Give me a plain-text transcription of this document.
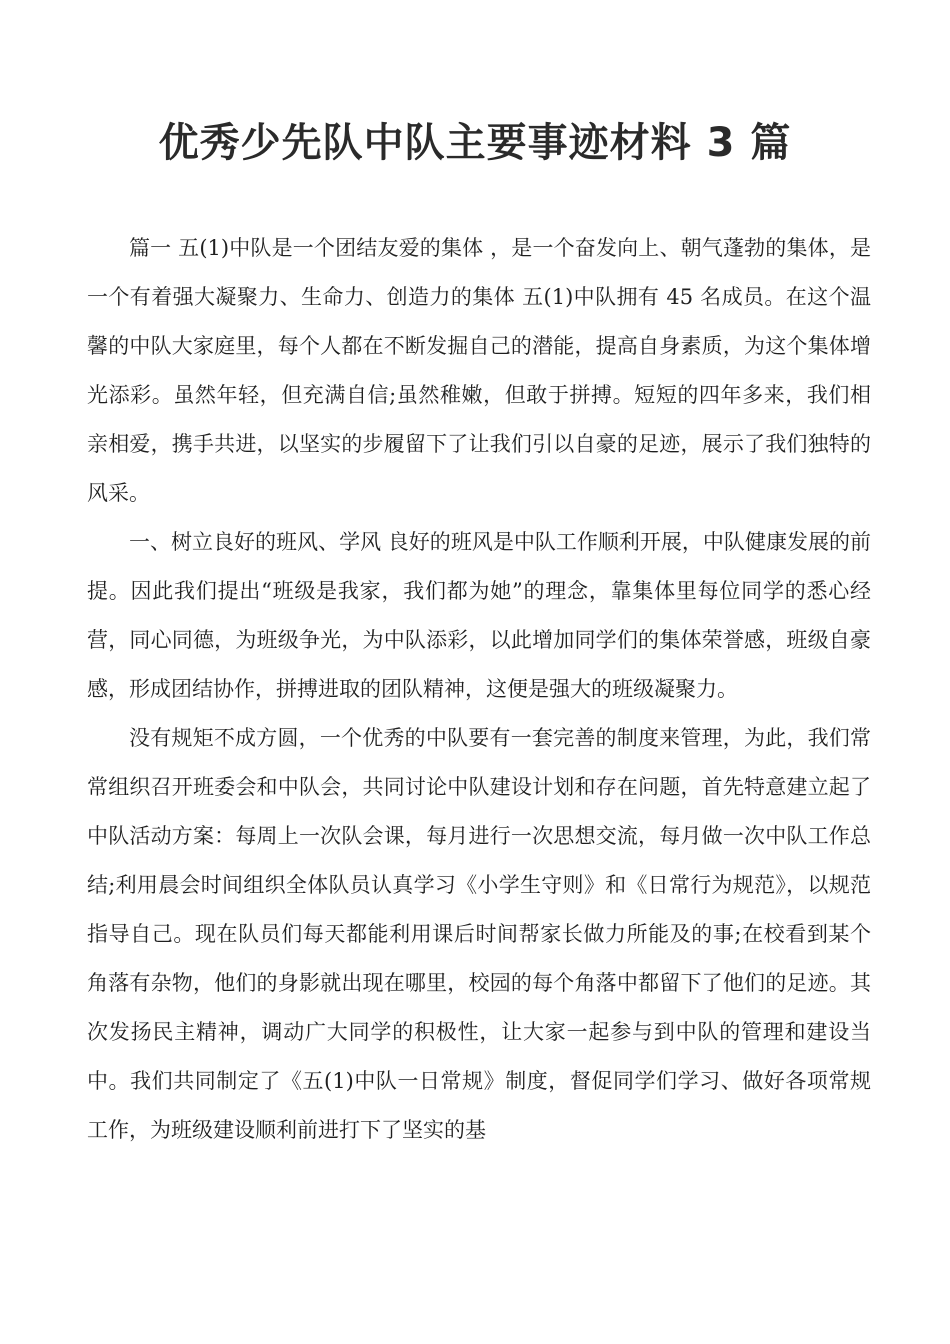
优秀少先队中队主要事迹材料 3 篇

篇一 五(1)中队是一个团结友爱的集体 ，是一个奋发向上、朝气蓬勃的集体，是一个有着强大凝聚力、生命力、创造力的集体 五(1)中队拥有 45 名成员。在这个温馨的中队大家庭里，每个人都在不断发掘自己的潜能，提高自身素质，为这个集体增光添彩。虽然年轻，但充满自信;虽然稚嫩，但敢于拼搏。短短的四年多来，我们相亲相爱，携手共进，以坚实的步履留下了让我们引以自豪的足迹，展示了我们独特的风采。

一、树立良好的班风、学风 良好的班风是中队工作顺利开展，中队健康发展的前提。因此我们提出“班级是我家，我们都为她”的理念，靠集体里每位同学的悉心经营，同心同德，为班级争光，为中队添彩，以此增加同学们的集体荣誉感，班级自豪感，形成团结协作，拼搏进取的团队精神，这便是强大的班级凝聚力。

没有规矩不成方圆，一个优秀的中队要有一套完善的制度来管理，为此，我们常常组织召开班委会和中队会，共同讨论中队建设计划和存在问题，首先特意建立起了中队活动方案：每周上一次队会课，每月进行一次思想交流，每月做一次中队工作总结;利用晨会时间组织全体队员认真学习《小学生守则》和《日常行为规范》，以规范指导自己。现在队员们每天都能利用课后时间帮家长做力所能及的事;在校看到某个角落有杂物，他们的身影就出现在哪里，校园的每个角落中都留下了他们的足迹。其次发扬民主精神，调动广大同学的积极性，让大家一起参与到中队的管理和建设当中。我们共同制定了《五(1)中队一日常规》制度，督促同学们学习、做好各项常规工作，为班级建设顺利前进打下了坚实的基
